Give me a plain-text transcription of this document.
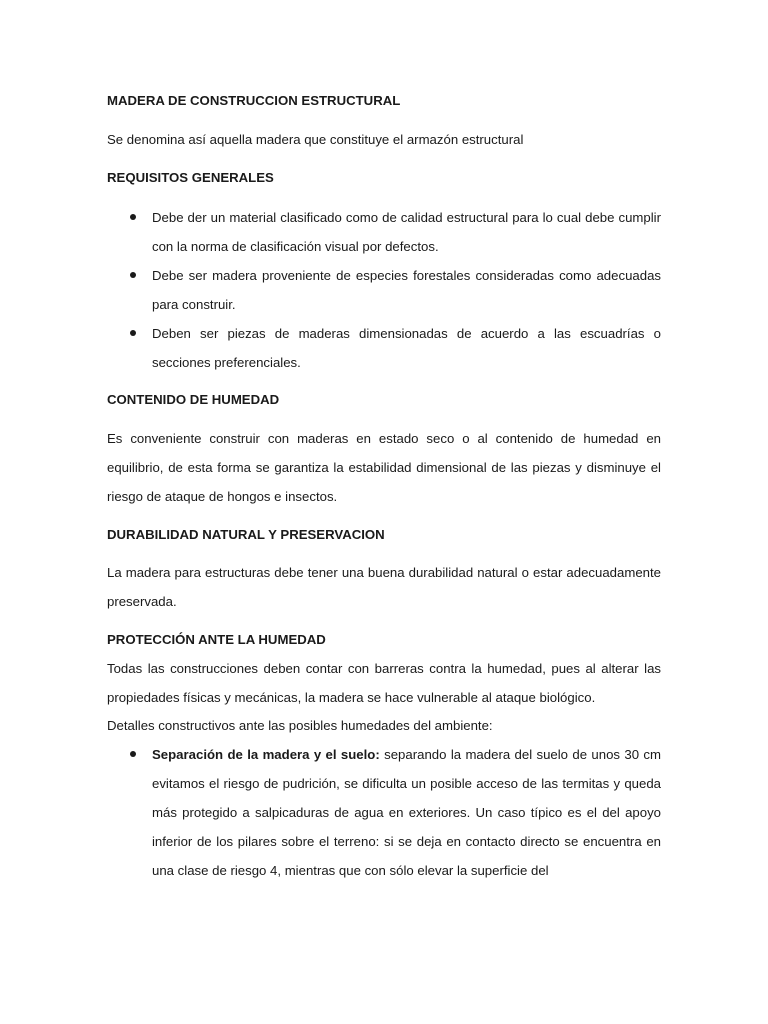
MADERA DE CONSTRUCCION ESTRUCTURAL

Se denomina así aquella madera que constituye el armazón estructural

REQUISITOS GENERALES
Debe der un material clasificado como de calidad estructural para lo cual debe cumplir con la norma de clasificación visual por defectos.
Debe ser madera proveniente de especies forestales consideradas como adecuadas para construir.
Deben ser piezas de maderas dimensionadas de acuerdo a las escuadrías o secciones preferenciales.
CONTENIDO DE HUMEDAD

Es conveniente construir con maderas en estado seco o al contenido de humedad en equilibrio, de esta forma se garantiza la estabilidad dimensional de las piezas y disminuye el riesgo de ataque de hongos e insectos.

DURABILIDAD NATURAL Y PRESERVACION

La madera para estructuras debe tener una buena durabilidad natural o estar adecuadamente preservada.

PROTECCIÓN ANTE LA HUMEDAD

Todas las construcciones deben contar con barreras contra la humedad, pues al alterar las propiedades físicas y mecánicas, la madera se hace vulnerable al ataque biológico.

Detalles constructivos ante las posibles humedades del ambiente:

Separación de la madera y el suelo: separando la madera del suelo de unos 30 cm evitamos el riesgo de pudrición, se dificulta un posible acceso de las termitas y queda más protegido a salpicaduras de agua en exteriores. Un caso típico es el del apoyo inferior de los pilares sobre el terreno: si se deja en contacto directo se encuentra en una clase de riesgo 4, mientras que con sólo elevar la superficie del
